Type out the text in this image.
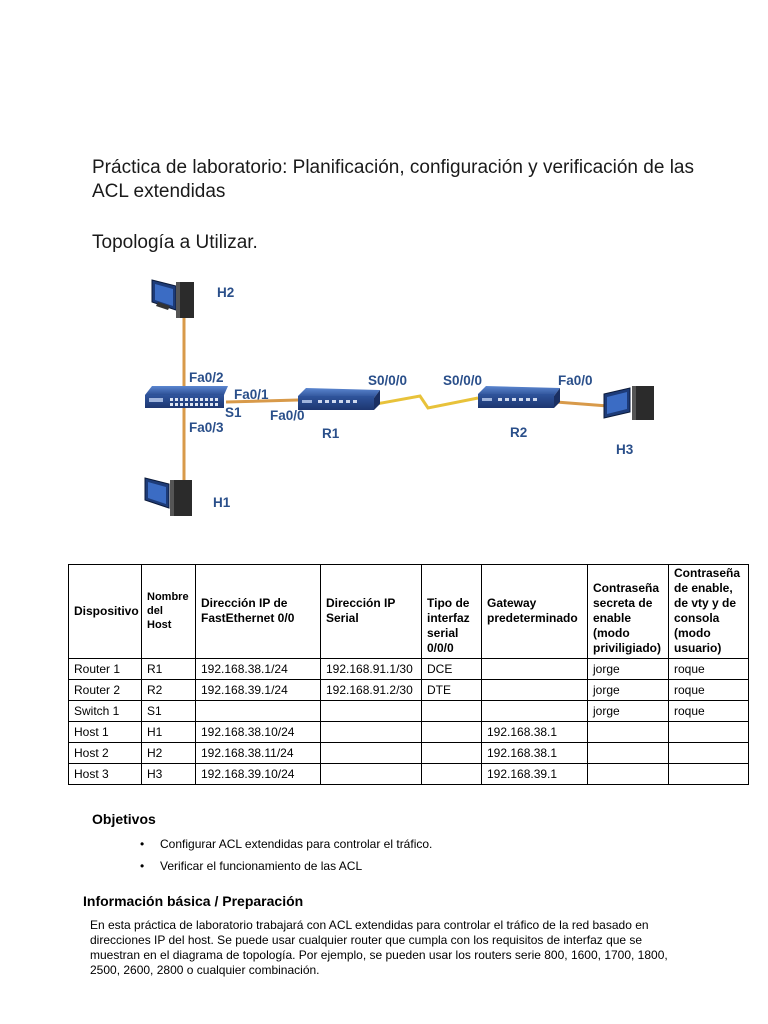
Práctica de laboratorio: Planificación, configuración y verificación de las ACL extendidas
Topología a Utilizar.
H2
Fa0/2
Fa0/1
S1 Fa0/0
Fa0/3	R1
S0/0/0	S0/0/0	Fa0/0
R2
H3
H1
Dispositivo	Nombre del Host	Dirección IP de FastEthernet 0/0	Dirección IP Serial	Tipo de interfaz serial 0/0/0	Gateway predeterminado	Contraseña secreta de enable (modo priviligiado)	Contraseña de enable, de vty y de consola (modo usuario)
Router 1	R1	192.168.38.1/24	192.168.91.1/30	DCE		jorge	roque
Router 2	R2	192.168.39.1/24	192.168.91.2/30	DTE		jorge	roque
Switch 1	S1					jorge	roque
Host 1	H1	192.168.38.10/24			192.168.38.1		
Host 2	H2	192.168.38.11/24			192.168.38.1		
Host 3	H3	192.168.39.10/24			192.168.39.1		
Objetivos
• Configurar ACL extendidas para controlar el tráfico.
• Verificar el funcionamiento de las ACL
Información básica / Preparación
En esta práctica de laboratorio trabajará con ACL extendidas para controlar el tráfico de la red basado en direcciones IP del host. Se puede usar cualquier router que cumpla con los requisitos de interfaz que se muestran en el diagrama de topología. Por ejemplo, se pueden usar los routers serie 800, 1600, 1700, 1800, 2500, 2600, 2800 o cualquier combinación.
